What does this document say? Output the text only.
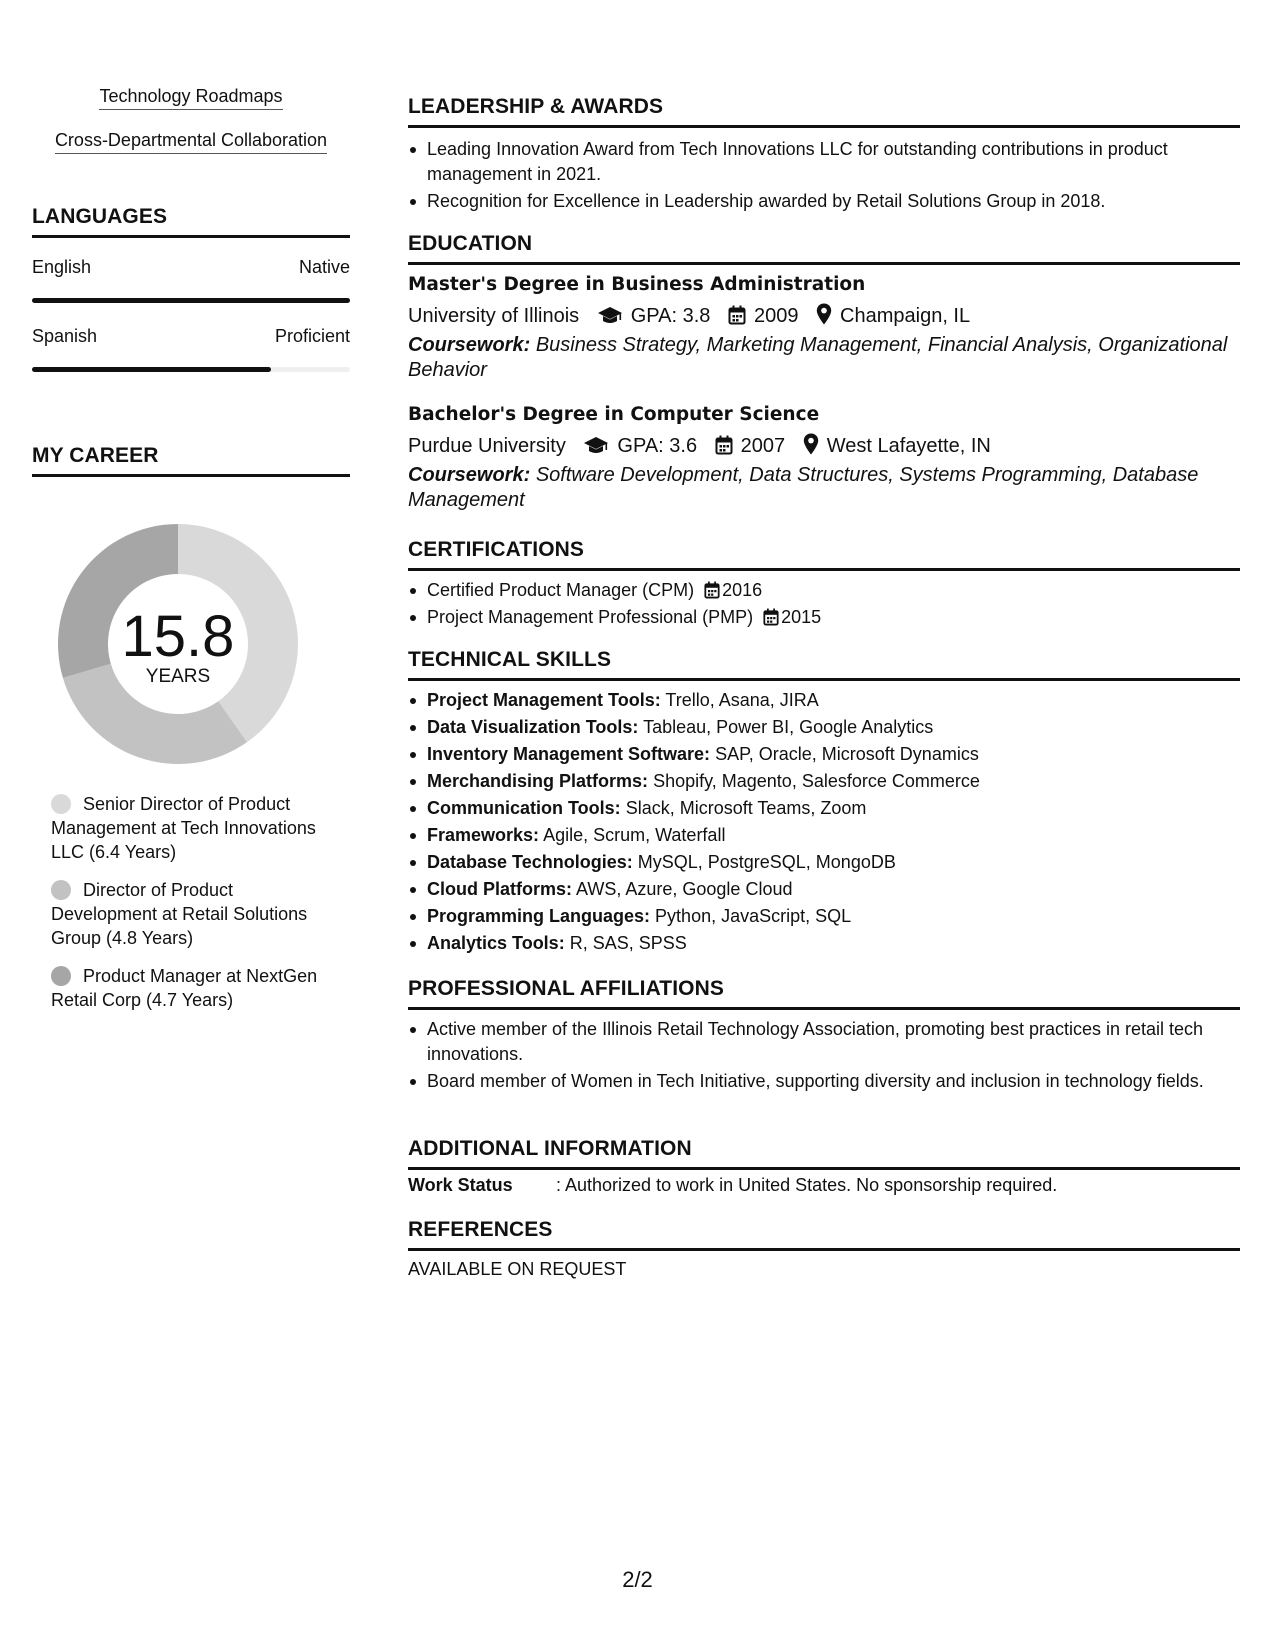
Technology Roadmaps
Cross-Departmental Collaboration
LANGUAGES
English	Native
Spanish	Proficient
MY CAREER
15.8
YEARS
Senior Director of Product Management at Tech Innovations LLC (6.4 Years)
Director of Product Development at Retail Solutions Group (4.8 Years)
Product Manager at NextGen Retail Corp (4.7 Years)
LEADERSHIP & AWARDS
Leading Innovation Award from Tech Innovations LLC for outstanding contributions in product management in 2021.
Recognition for Excellence in Leadership awarded by Retail Solutions Group in 2018.
EDUCATION
Master's Degree in Business Administration
University of Illinois	GPA: 3.8 2009 Champaign, IL
Coursework: Business Strategy, Marketing Management, Financial Analysis, Organizational Behavior
Bachelor's Degree in Computer Science
Purdue University	GPA: 3.6 2007 West Lafayette, IN
Coursework: Software Development, Data Structures, Systems Programming, Database Management
CERTIFICATIONS
Certified Product Manager (CPM) 2016
Project Management Professional (PMP) 2015
TECHNICAL SKILLS
Project Management Tools: Trello, Asana, JIRA
Data Visualization Tools: Tableau, Power BI, Google Analytics
Inventory Management Software: SAP, Oracle, Microsoft Dynamics
Merchandising Platforms: Shopify, Magento, Salesforce Commerce
Communication Tools: Slack, Microsoft Teams, Zoom
Frameworks: Agile, Scrum, Waterfall
Database Technologies: MySQL, PostgreSQL, MongoDB
Cloud Platforms: AWS, Azure, Google Cloud
Programming Languages: Python, JavaScript, SQL
Analytics Tools: R, SAS, SPSS
PROFESSIONAL AFFILIATIONS
Active member of the Illinois Retail Technology Association, promoting best practices in retail tech innovations.
Board member of Women in Tech Initiative, supporting diversity and inclusion in technology fields.
ADDITIONAL INFORMATION
Work Status : Authorized to work in United States. No sponsorship required.
REFERENCES
AVAILABLE ON REQUEST
2/2
